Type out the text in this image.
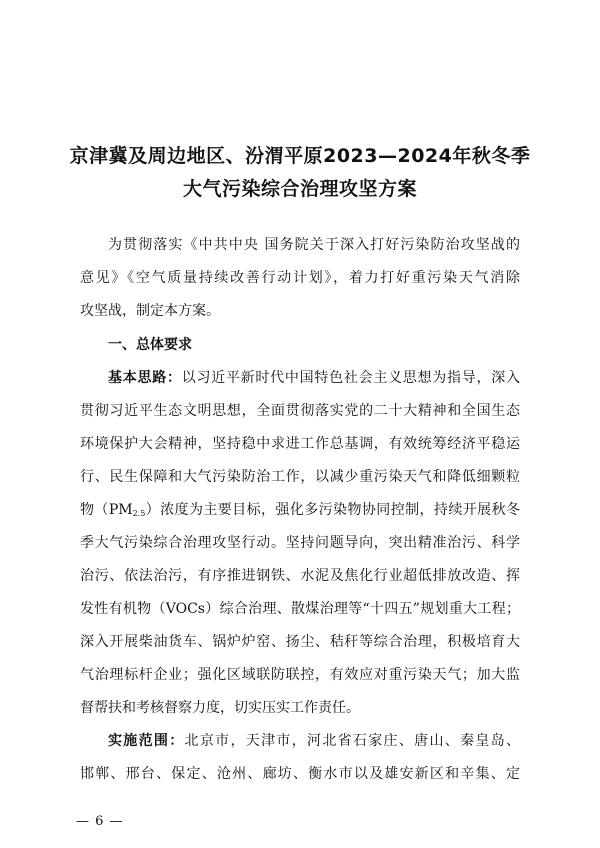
京津冀及周边地区、汾渭平原2023—2024年秋冬季
大气污染综合治理攻坚方案
为贯彻落实《中共中央 国务院关于深入打好污染防治攻坚战的
意见》《空气质量持续改善行动计划》，着力打好重污染天气消除
攻坚战，制定本方案。
一、总体要求
基本思路：以习近平新时代中国特色社会主义思想为指导，深入
贯彻习近平生态文明思想，全面贯彻落实党的二十大精神和全国生态
环境保护大会精神，坚持稳中求进工作总基调，有效统筹经济平稳运
行、民生保障和大气污染防治工作，以减少重污染天气和降低细颗粒
物$(PM_{2.5})$浓度为主要目标，强化多污染物协同控制，持续开展秋冬
季大气污染综合治理攻坚行动。坚持问题导向，突出精准治污、科学
治污、依法治污，有序推进钢铁、水泥及焦化行业超低排放改造、挥
发性有机物（VOCs）综合治理、散煤治理等“十四五”规划重大工程；
深入开展柴油货车、锅炉炉窑、扬尘、秸秆等综合治理，积极培育大
气治理标杆企业；强化区域联防联控，有效应对重污染天气；加大监
督帮扶和考核督察力度，切实压实工作责任。
实施范围：北京市，天津市，河北省石家庄、唐山、秦皇岛、
邯郸、邢台、保定、沧州、廊坊、衡水市以及雄安新区和辛集、定
— 6 —
